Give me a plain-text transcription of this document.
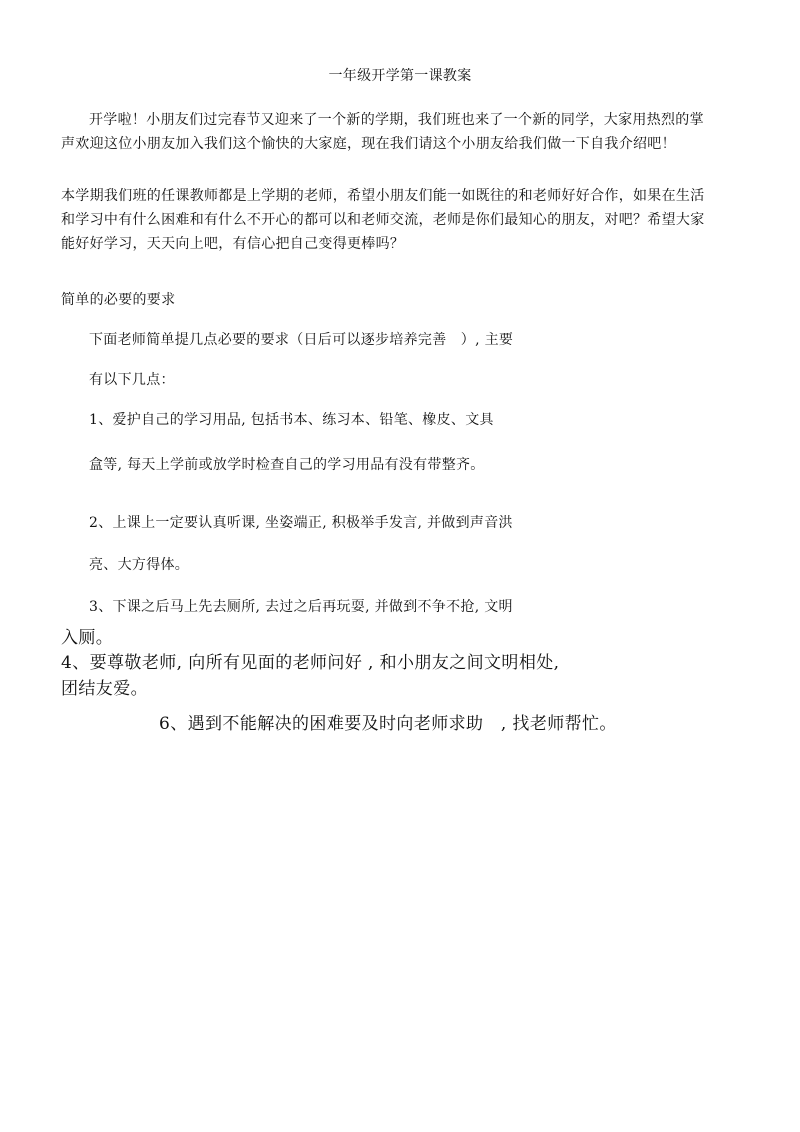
一年级开学第一课教案
开学啦！小朋友们过完春节又迎来了一个新的学期，我们班也来了一个新的同学，大家用热烈的掌
声欢迎这位小朋友加入我们这个愉快的大家庭，现在我们请这个小朋友给我们做一下自我介绍吧！
本学期我们班的任课教师都是上学期的老师，希望小朋友们能一如既往的和老师好好合作，如果在生活
和学习中有什么困难和有什么不开心的都可以和老师交流，老师是你们最知心的朋友，对吧？希望大家
能好好学习，天天向上吧，有信心把自己变得更棒吗？
简单的必要的要求
下面老师简单提几点必要的要求（日后可以逐步培养完善　）, 主要
有以下几点：
1、爱护自己的学习用品, 包括书本、练习本、铅笔、橡皮、文具
盒等, 每天上学前或放学时检查自己的学习用品有没有带整齐。
2、上课上一定要认真听课, 坐姿端正, 积极举手发言, 并做到声音洪
亮、大方得体。
3、下课之后马上先去厕所, 去过之后再玩耍, 并做到不争不抢, 文明
入厕。
4、要尊敬老师, 向所有见面的老师问好 , 和小朋友之间文明相处,
团结友爱。
6、遇到不能解决的困难要及时向老师求助　, 找老师帮忙。
